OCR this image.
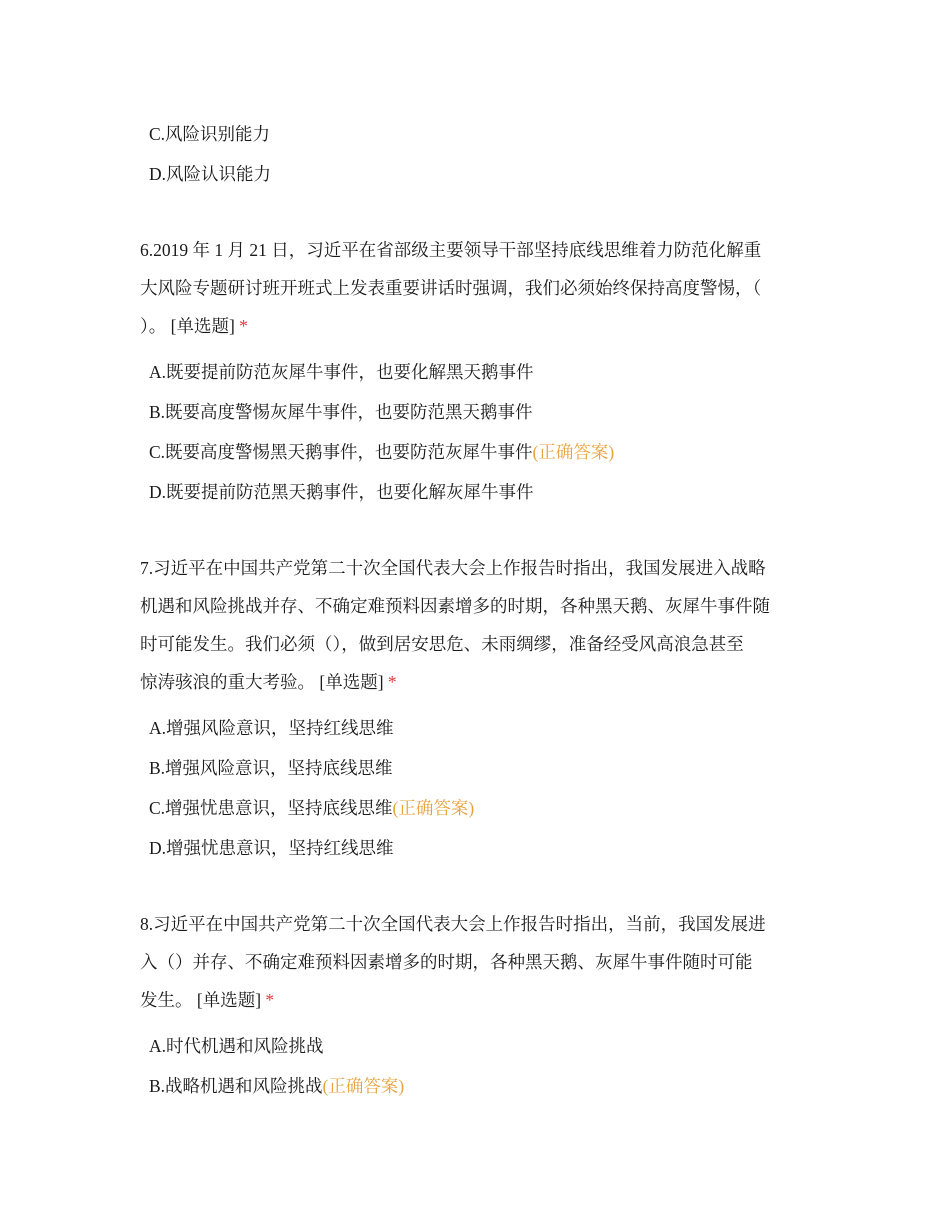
C.风险识别能力
D.风险认识能力
6.2019 年 1 月 21 日，习近平在省部级主要领导干部坚持底线思维着力防范化解重
大风险专题研讨班开班式上发表重要讲话时强调，我们必须始终保持高度警惕，（
）。 [单选题] *
A.既要提前防范灰犀牛事件，也要化解黑天鹅事件
B.既要高度警惕灰犀牛事件，也要防范黑天鹅事件
C.既要高度警惕黑天鹅事件，也要防范灰犀牛事件(正确答案)
D.既要提前防范黑天鹅事件，也要化解灰犀牛事件
7.习近平在中国共产党第二十次全国代表大会上作报告时指出，我国发展进入战略
机遇和风险挑战并存、不确定难预料因素增多的时期，各种黑天鹅、灰犀牛事件随
时可能发生。我们必须（），做到居安思危、未雨绸缪，准备经受风高浪急甚至
惊涛骇浪的重大考验。 [单选题] *
A.增强风险意识，坚持红线思维
B.增强风险意识，坚持底线思维
C.增强忧患意识，坚持底线思维(正确答案)
D.增强忧患意识，坚持红线思维
8.习近平在中国共产党第二十次全国代表大会上作报告时指出，当前，我国发展进
入（）并存、不确定难预料因素增多的时期，各种黑天鹅、灰犀牛事件随时可能
发生。 [单选题] *
A.时代机遇和风险挑战
B.战略机遇和风险挑战(正确答案)
